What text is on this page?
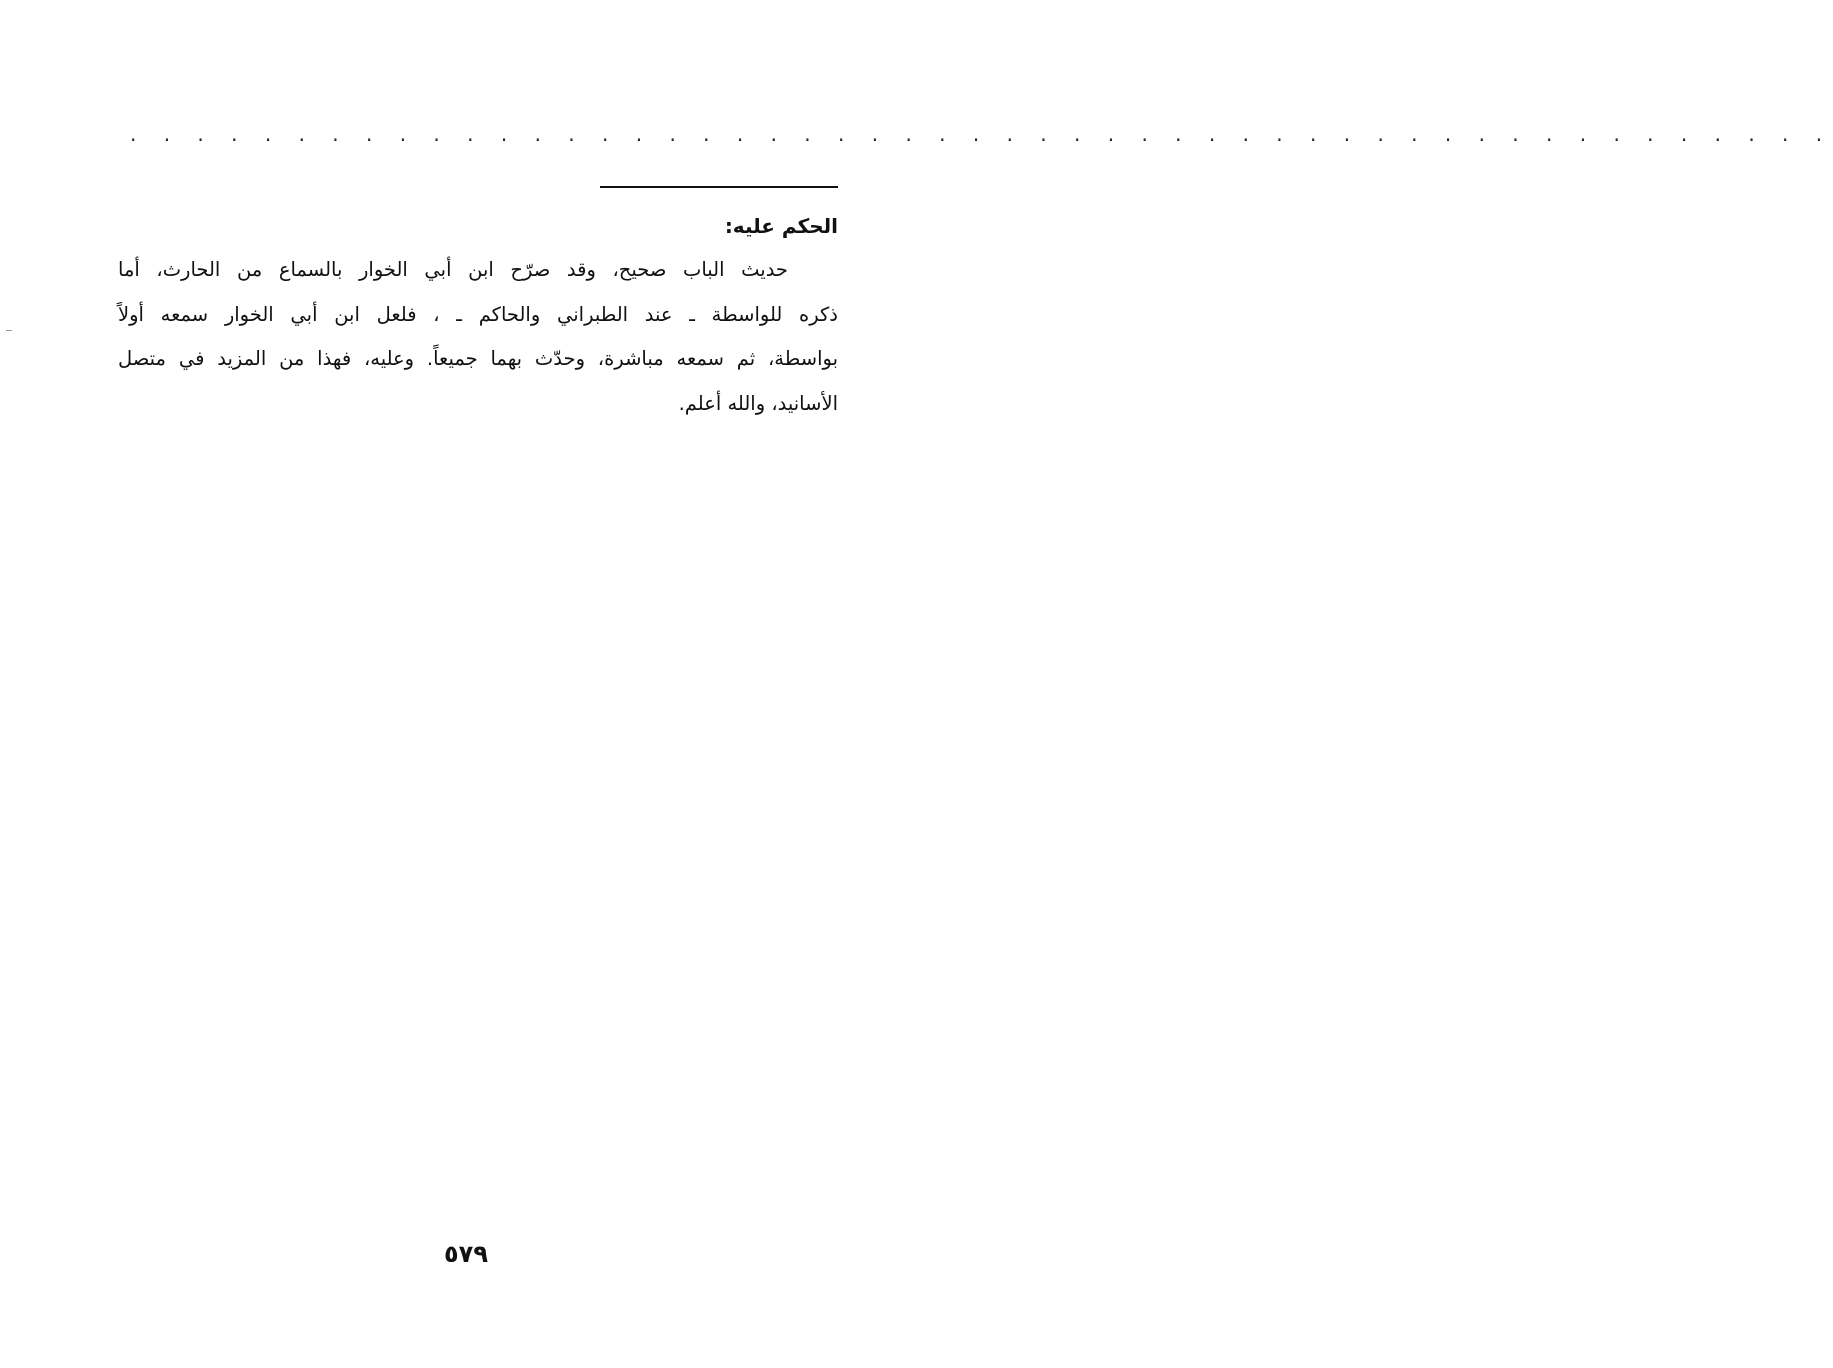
. . . . . . . . . . . . . . . . . . . . . . . . . . . . . . . . . . . . . . . . . . . . . . . . . . .
الحكم عليه:

حديث الباب صحيح، وقد صرّح ابن أبي الخوار بالسماع من الحارث، أما
ذكره للواسطة ـ عند الطبراني والحاكم ـ ، فلعل ابن أبي الخوار سمعه أولاً
بواسطة، ثم سمعه مباشرة، وحدّث بهما جميعاً. وعليه، فهذا من المزيد في متصل
الأسانيد، والله أعلم.

٥٧٩
